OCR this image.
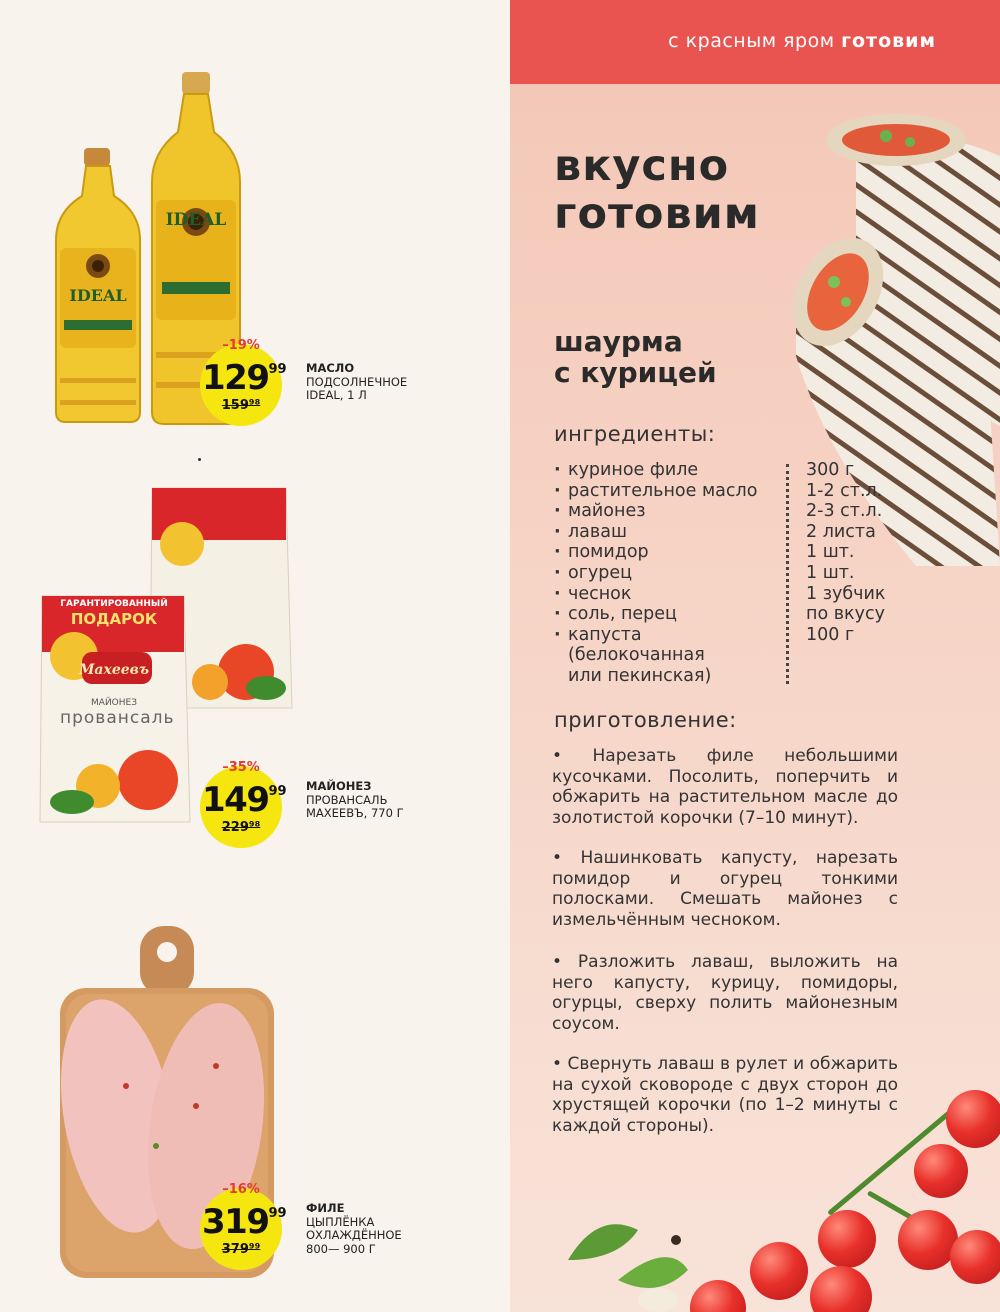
IDEAL
IDEAL
–19%
$129^{99}$
159⁹⁸
МАСЛО
ПОДСОЛНЕЧНОЕ
IDEAL, 1 Л
ГАРАНТИРОВАННЫЙ
ПОДАРОК
Махеевъ
МАЙОНЕЗ
провансаль
–35%
$149^{99}$
229⁹⁸
МАЙОНЕЗ
ПРОВАНСАЛЬ
МАХЕЕВЪ, 770 Г
–16%
$319^{99}$
379⁹⁹
ФИЛЕ
ЦЫПЛЁНКА
ОХЛАЖДЁННОЕ
800— 900 Г
с красным яром готовим
вкусно
готовим
шаурма
с курицей
ингредиенты:
· куриное филе
· растительное масло
· майонез
· лаваш
· помидор
· огурец
· чеснок
· соль, перец
· капуста (белокочанная или пекинская)
300 г
1-2 ст.л.
2-3 ст.л.
2 листа
1 шт.
1 шт.
1 зубчик
по вкусу
100 г
приготовление:
• Нарезать филе небольшими кусочками. Посолить, поперчить и обжарить на растительном масле до золотистой корочки (7–10 минут).
• Нашинковать капусту, нарезать помидор и огурец тонкими полосками. Смешать майонез с измельчённым чесноком.
• Разложить лаваш, выложить на него капусту, курицу, помидоры, огурцы, сверху полить майонезным соусом.
• Свернуть лаваш в рулет и обжарить на сухой сковороде с двух сторон до хрустящей корочки (по 1–2 минуты с каждой стороны).
